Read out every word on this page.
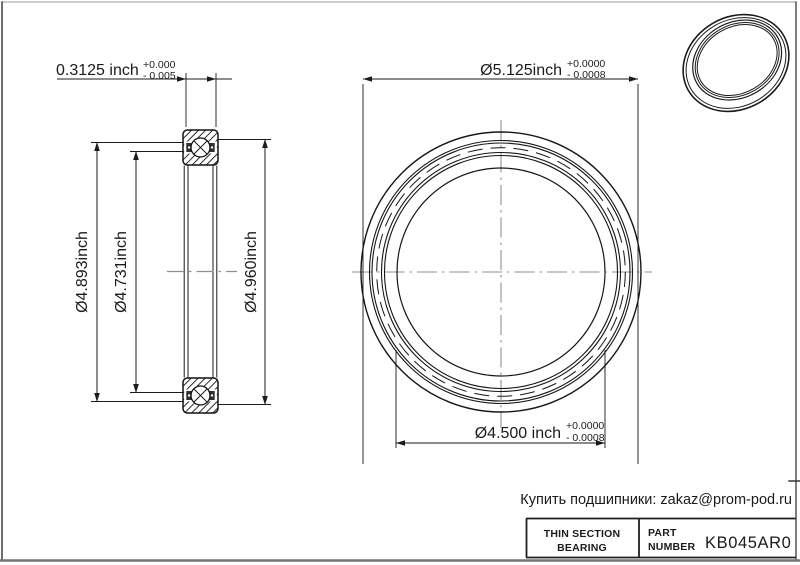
0.3125 inch +0.000
- 0.005
Ø4.893inch Ø4.731inch	Ø4.960inch
Ø5.125inch +0.0000
- 0.0008
Ø4.500 inch +0.0000
- 0.0008
Купить подшипники: zakaz@prom-pod.ru
THIN SECTION
BEARING
PART
NUMBER KB045AR0
